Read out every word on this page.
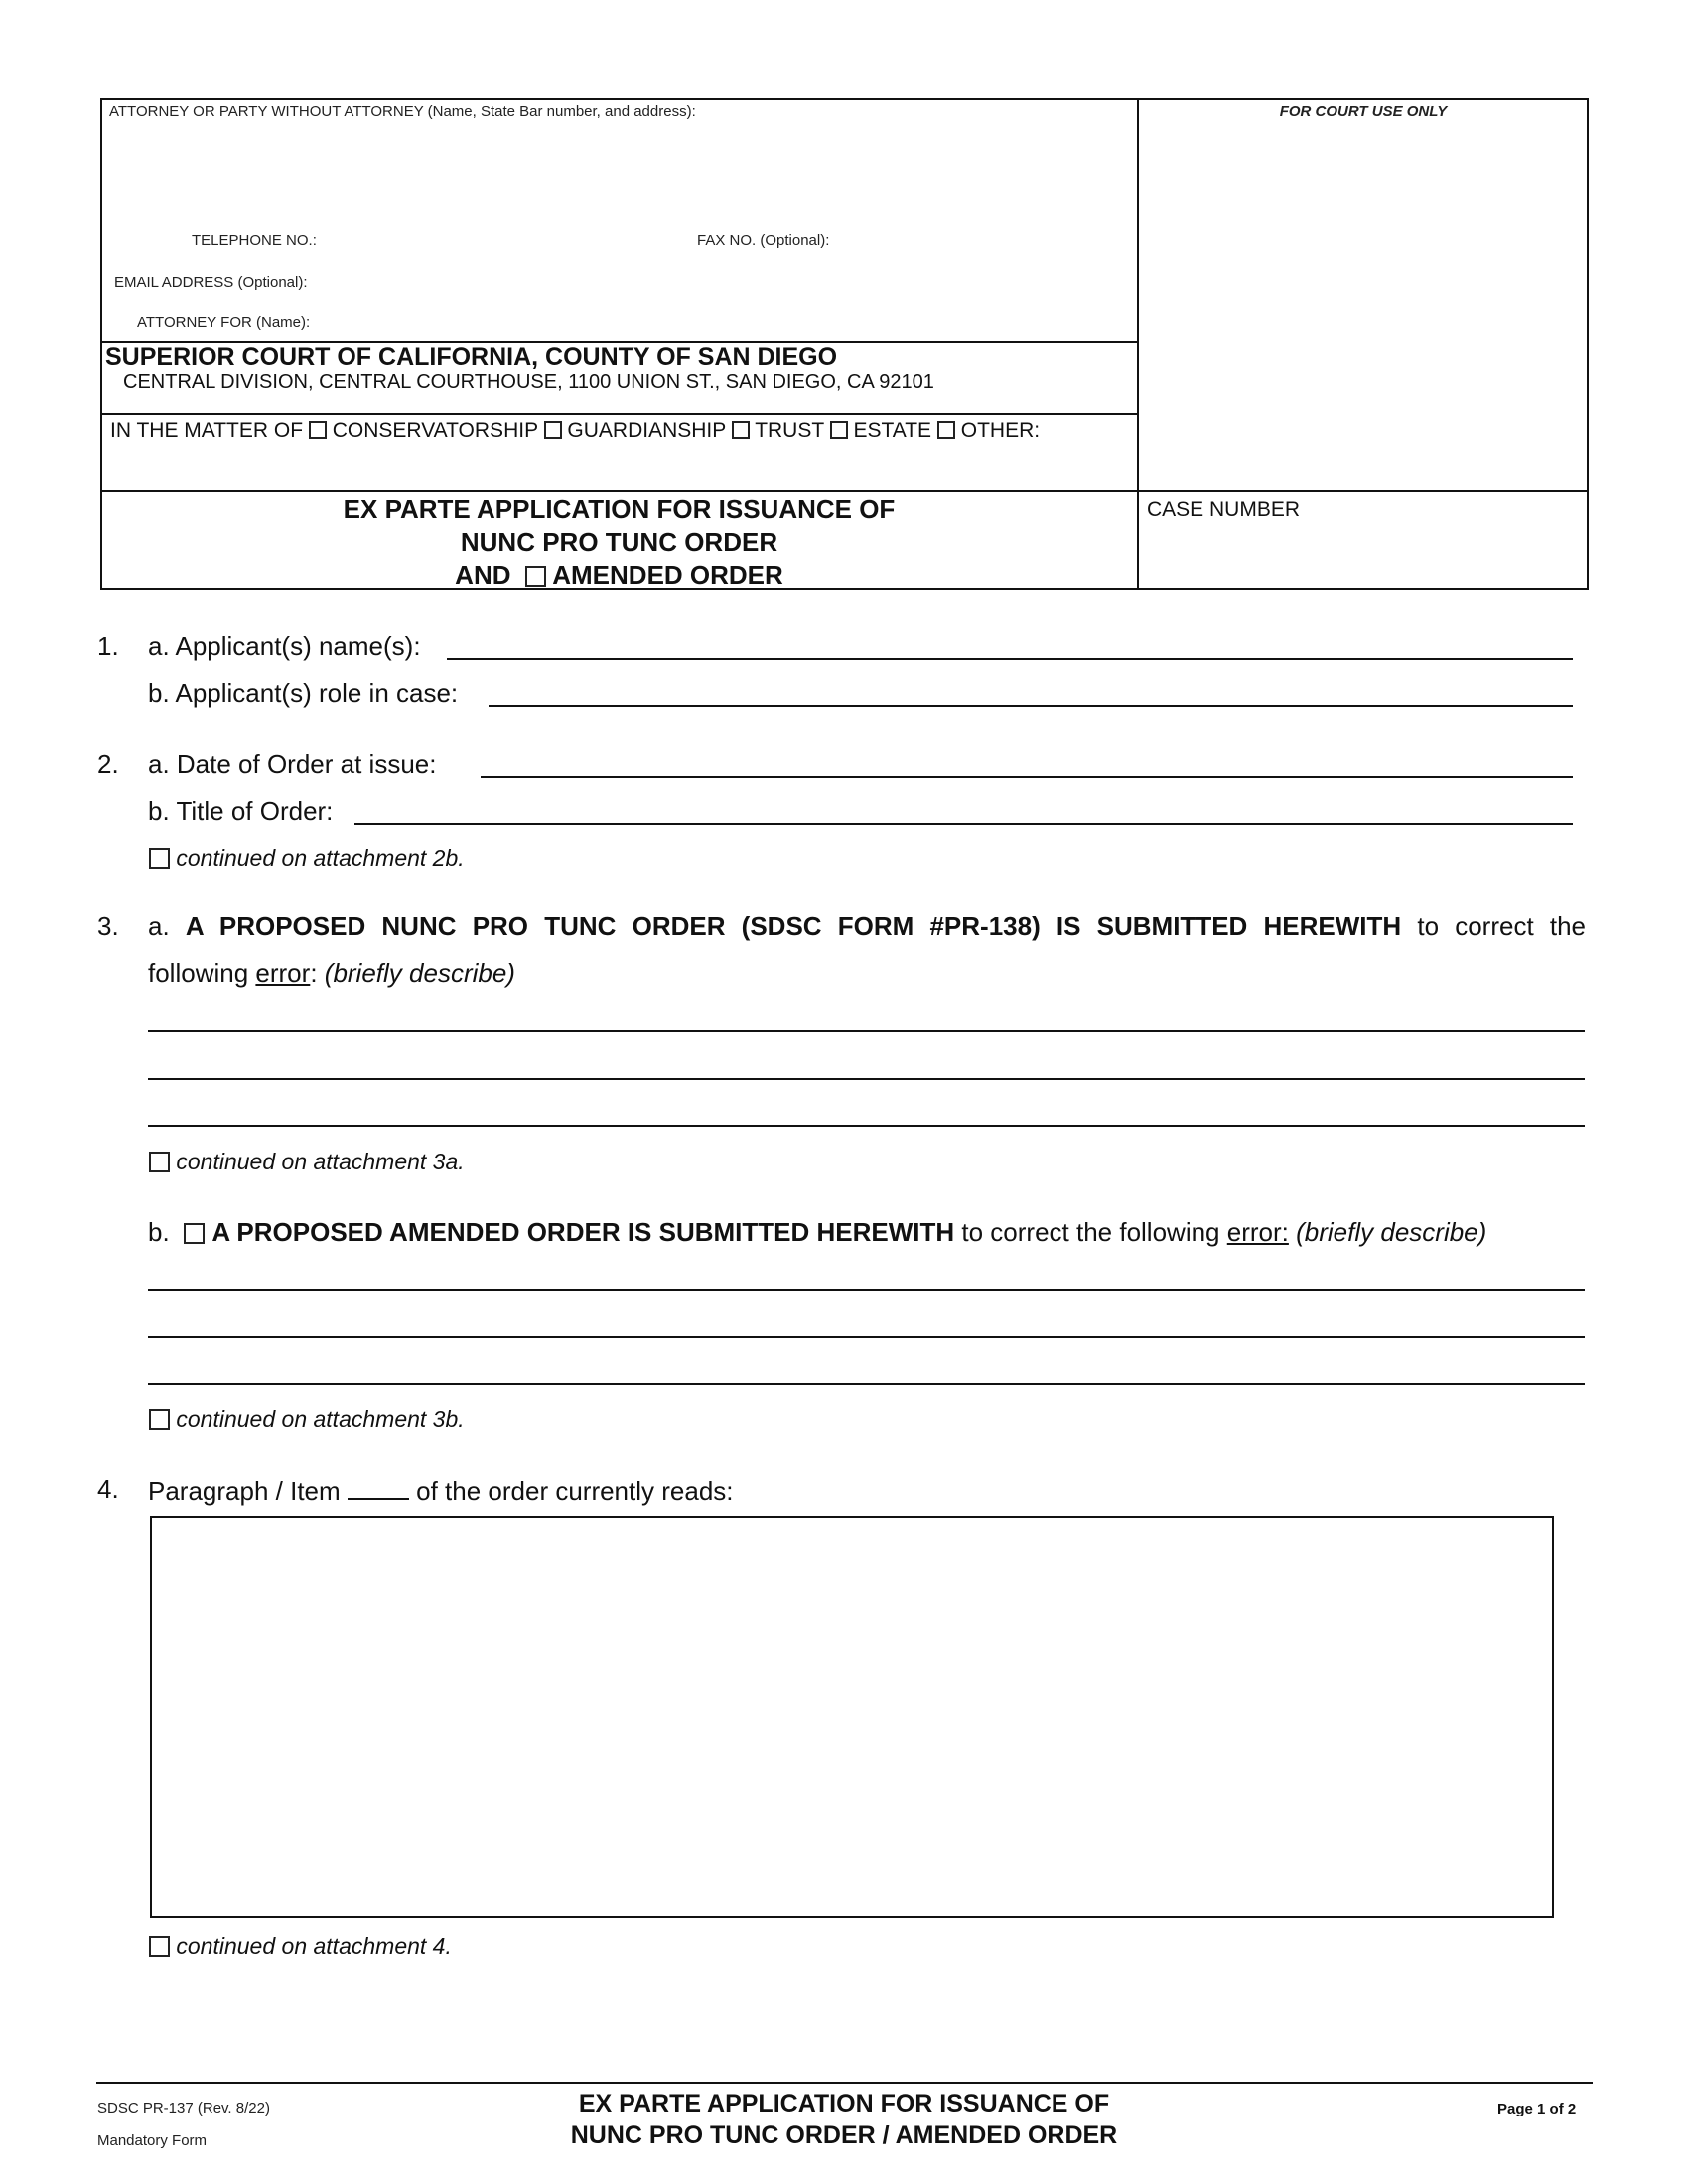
ATTORNEY OR PARTY WITHOUT ATTORNEY (Name, State Bar number, and address):	FOR COURT USE ONLY
TELEPHONE NO.:	FAX NO. (Optional):
EMAIL ADDRESS (Optional):
ATTORNEY FOR (Name):
SUPERIOR COURT OF CALIFORNIA, COUNTY OF SAN DIEGO
CENTRAL DIVISION, CENTRAL COURTHOUSE, 1100 UNION ST., SAN DIEGO, CA 92101
IN THE MATTER OF CONSERVATORSHIP GUARDIANSHIP TRUST ESTATE OTHER:
EX PARTE APPLICATION FOR ISSUANCE OF
NUNC PRO TUNC ORDER
AND AMENDED ORDER
CASE NUMBER
1. a. Applicant(s) name(s):
b. Applicant(s) role in case:
2. a. Date of Order at issue:
b. Title of Order:
continued on attachment 2b.
3. a. A PROPOSED NUNC PRO TUNC ORDER (SDSC FORM #PR-138) IS SUBMITTED HEREWITH to correct the
following error: (briefly describe)
continued on attachment 3a.
b. A PROPOSED AMENDED ORDER IS SUBMITTED HEREWITH to correct the following error: (briefly describe)
continued on attachment 3b.
4. Paragraph / Item	of the order currently reads:
continued on attachment 4.
SDSC PR-137 (Rev. 8/22)
Mandatory Form
EX PARTE APPLICATION FOR ISSUANCE OF
NUNC PRO TUNC ORDER / AMENDED ORDER
Page 1 of 2
